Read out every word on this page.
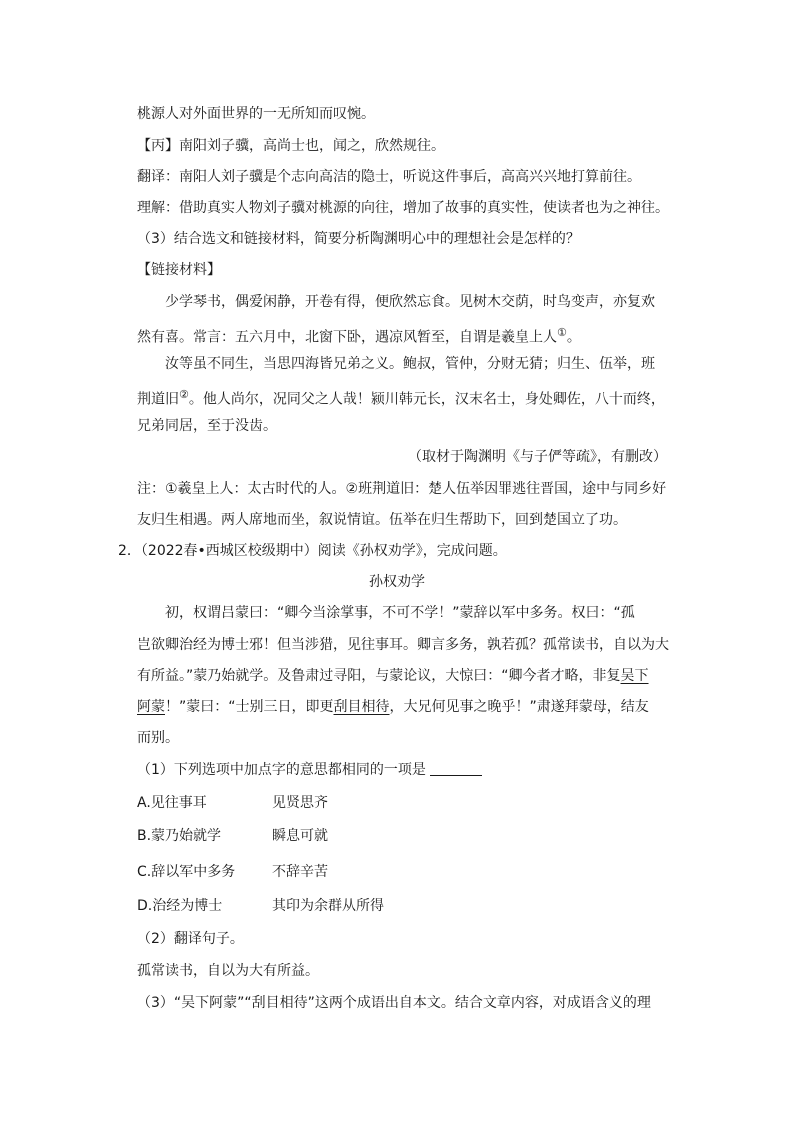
桃源人对外面世界的一无所知而叹惋。
【丙】南阳刘子骥，高尚士也，闻之，欣然规往。
翻译：南阳人刘子骥是个志向高洁的隐士，听说这件事后，高高兴兴地打算前往。
理解：借助真实人物刘子骥对桃源的向往，增加了故事的真实性，使读者也为之神往。
（3）结合选文和链接材料，简要分析陶渊明心中的理想社会是怎样的？
【链接材料】
少学琴书，偶爱闲静，开卷有得，便欣然忘食。见树木交荫，时鸟变声，亦复欢
然有喜。常言：五六月中，北窗下卧，遇凉风暂至，自谓是羲皇上人①。
汝等虽不同生，当思四海皆兄弟之义。鲍叔，管仲，分财无猜；归生、伍举，班
荆道旧②。他人尚尔，况同父之人哉！颍川韩元长，汉末名士，身处卿佐，八十而终，
兄弟同居，至于没齿。
（取材于陶渊明《与子俨等疏》，有删改）
注：①羲皇上人：太古时代的人。②班荆道旧：楚人伍举因罪逃往晋国，途中与同乡好
友归生相遇。两人席地而坐，叙说情谊。伍举在归生帮助下，回到楚国立了功。
2．（2022春•西城区校级期中）阅读《孙权劝学》，完成问题。
孙权劝学
初，权谓吕蒙曰：“卿今当涂掌事，不可不学！”蒙辞以军中多务。权曰：“孤
岂欲卿治经为博士邪！但当涉猎，见往事耳。卿言多务，孰若孤？孤常读书，自以为大
有所益。”蒙乃始就学。及鲁肃过寻阳，与蒙论议，大惊曰：“卿今者才略，非复吴下
阿蒙！”蒙曰：“士别三日，即更刮目相待，大兄何见事之晚乎！”肃遂拜蒙母，结友
而别。
（1）下列选项中加点字的意思都相同的一项是
A.见往事耳	见贤思齐
B.蒙乃始就学	瞬息可就
C.辞以军中多务	不辞辛苦
D.治经为博士	其印为余群从所得
（2）翻译句子。
孤常读书，自以为大有所益。
（3）“吴下阿蒙”“刮目相待”这两个成语出自本文。结合文章内容，对成语含义的理
